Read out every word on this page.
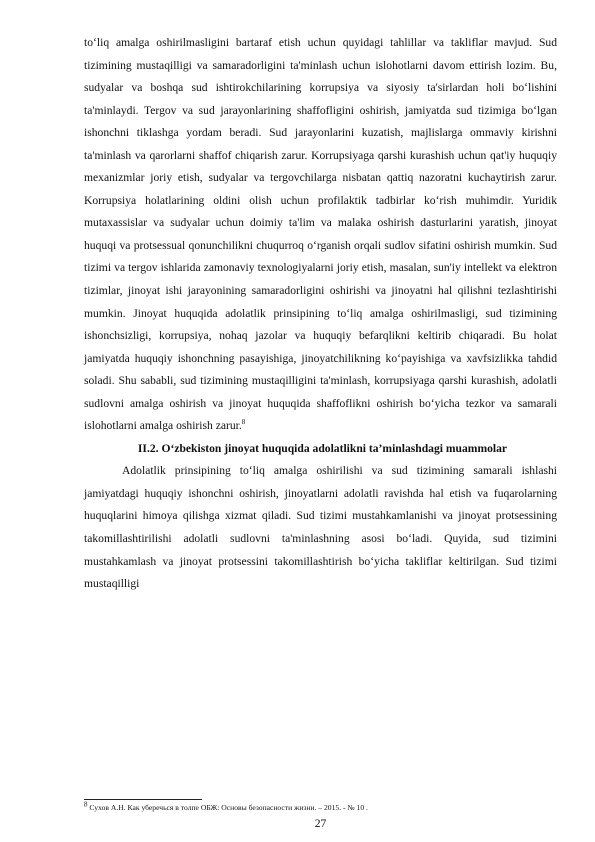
to‘liq amalga oshirilmasligini bartaraf etish uchun quyidagi tahlillar va takliflar mavjud. Sud tizimining mustaqilligi va samaradorligini ta'minlash uchun islohotlarni davom ettirish lozim. Bu, sudyalar va boshqa sud ishtirokchilarining korrupsiya va siyosiy ta'sirlardan holi bo‘lishini ta'minlaydi. Tergov va sud jarayonlarining shaffofligini oshirish, jamiyatda sud tizimiga bo‘lgan ishonchni tiklashga yordam beradi. Sud jarayonlarini kuzatish, majlislarga ommaviy kirishni ta'minlash va qarorlarni shaffof chiqarish zarur. Korrupsiyaga qarshi kurashish uchun qat'iy huquqiy mexanizmlar joriy etish, sudyalar va tergovchilarga nisbatan qattiq nazoratni kuchaytirish zarur. Korrupsiya holatlarining oldini olish uchun profilaktik tadbirlar ko‘rish muhimdir. Yuridik mutaxassislar va sudyalar uchun doimiy ta'lim va malaka oshirish dasturlarini yaratish, jinoyat huquqi va protsessual qonunchilikni chuqurroq o‘rganish orqali sudlov sifatini oshirish mumkin. Sud tizimi va tergov ishlarida zamonaviy texnologiyalarni joriy etish, masalan, sun'iy intellekt va elektron tizimlar, jinoyat ishi jarayonining samaradorligini oshirishi va jinoyatni hal qilishni tezlashtirishi mumkin. Jinoyat huquqida adolatlik prinsipining to‘liq amalga oshirilmasligi, sud tizimining ishonchsizligi, korrupsiya, nohaq jazolar va huquqiy befarqlikni keltirib chiqaradi. Bu holat jamiyatda huquqiy ishonchning pasayishiga, jinoyatchilikning ko‘payishiga va xavfsizlikka tahdid soladi. Shu sababli, sud tizimining mustaqilligini ta'minlash, korrupsiyaga qarshi kurashish, adolatli sudlovni amalga oshirish va jinoyat huquqida shaffoflikni oshirish bo‘yicha tezkor va samarali islohotlarni amalga oshirish zarur.$^8$

II.2. O‘zbekiston jinoyat huquqida adolatlikni ta’minlashdagi muammolar

Adolatlik prinsipining to‘liq amalga oshirilishi va sud tizimining samarali ishlashi jamiyatdagi huquqiy ishonchni oshirish, jinoyatlarni adolatli ravishda hal etish va fuqarolarning huquqlarini himoya qilishga xizmat qiladi. Sud tizimi mustahkamlanishi va jinoyat protsessining takomillashtirilishi adolatli sudlovni ta'minlashning asosi bo‘ladi. Quyida, sud tizimini mustahkamlash va jinoyat protsessini takomillashtirish bo‘yicha takliflar keltirilgan. Sud tizimi mustaqilligi

$^8$ Сухов А.Н. Как уберечься в толпе ОБЖ: Основы безопасности жизни. – 2015. - № 10 .
27
